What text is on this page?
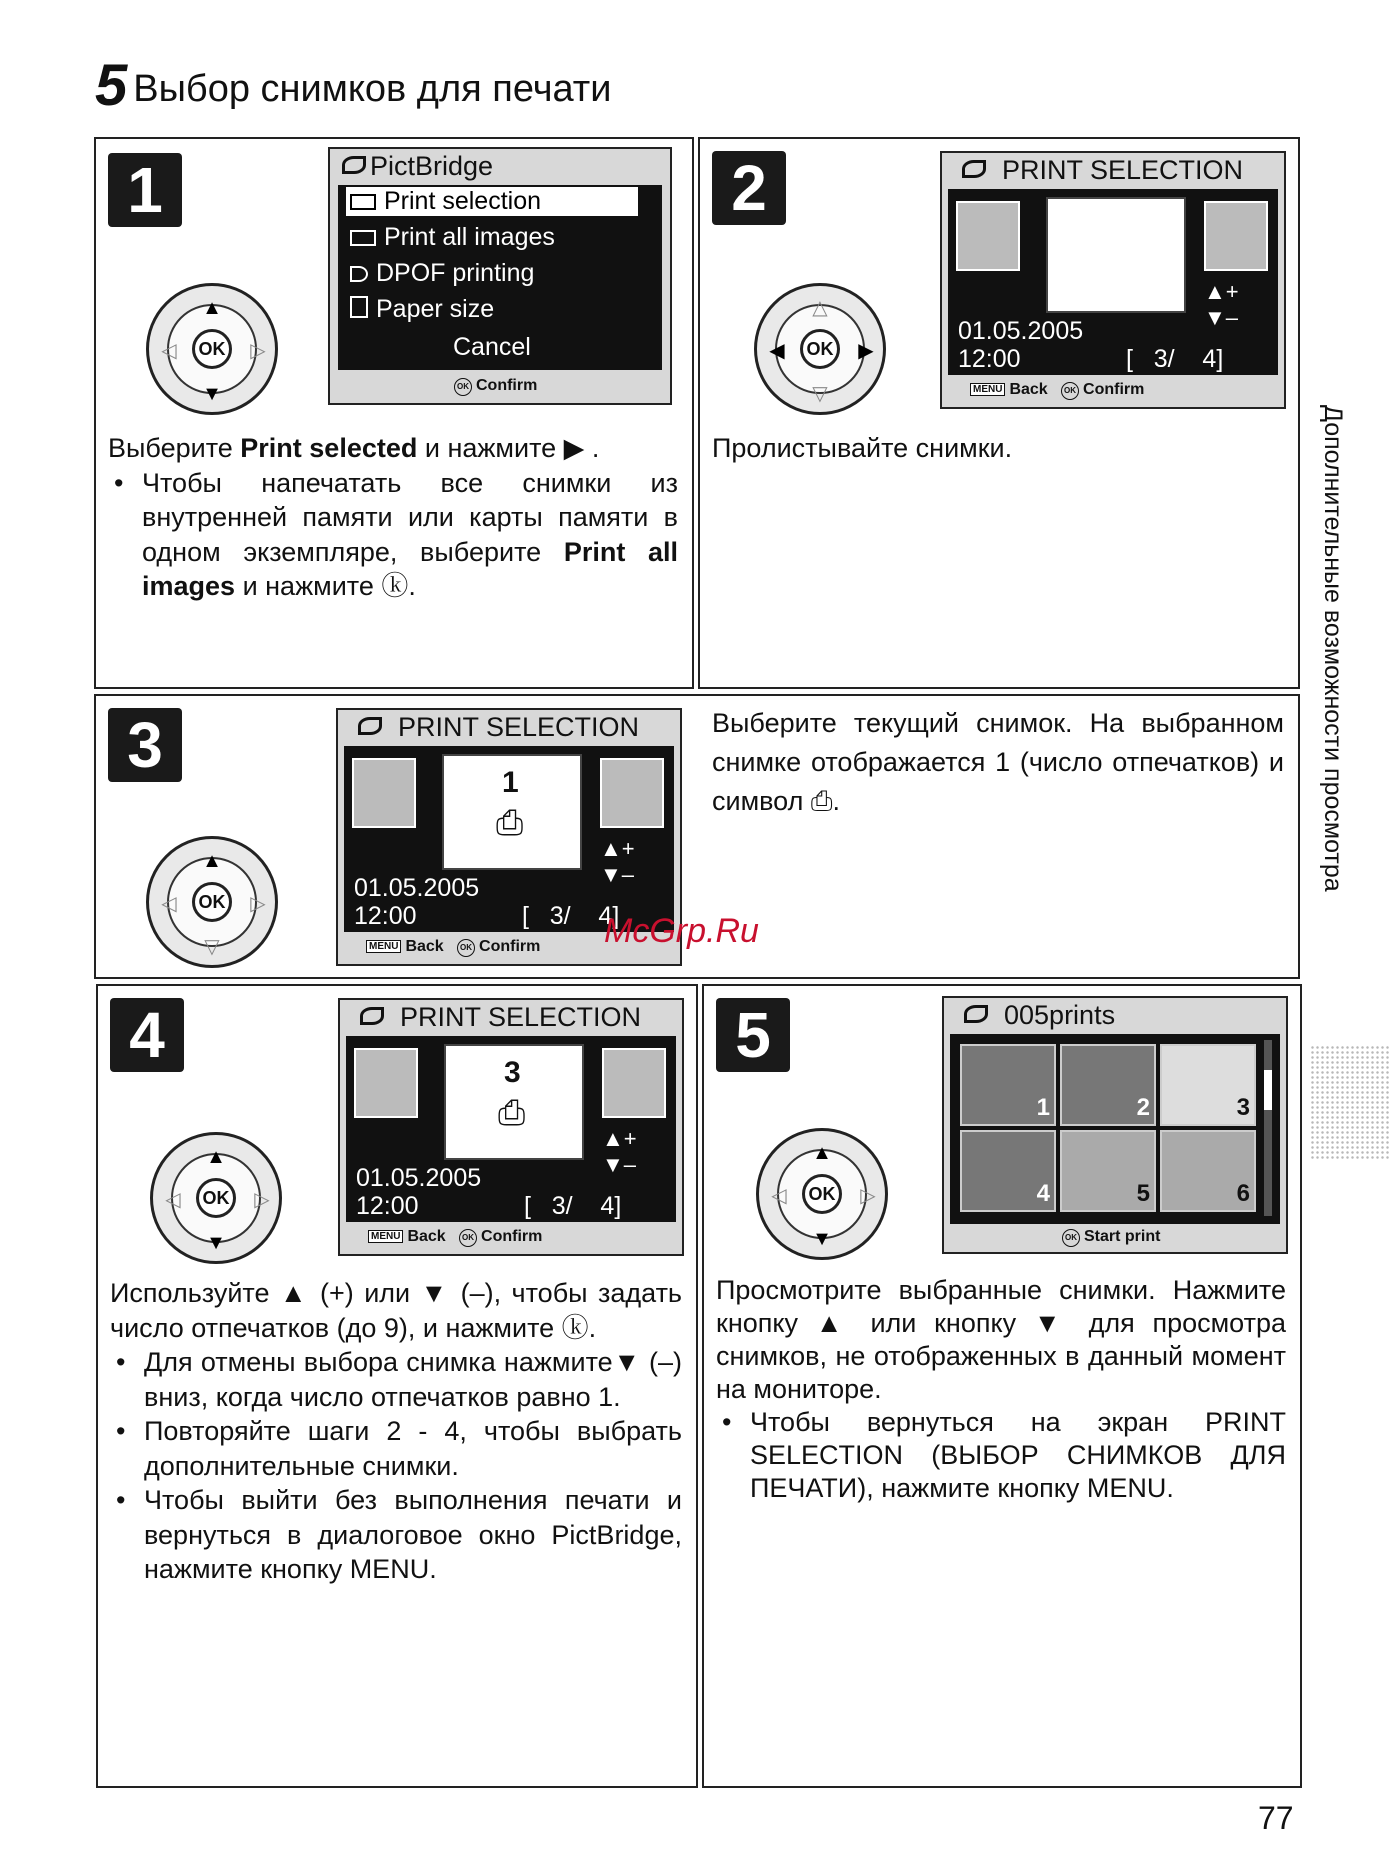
5 Выбор снимков для печати
1
▲
▼
◁	▷
OK
PictBridge
Print selection
Print all images
DPOF printing
Paper size
Cancel
OK Confirm

Выберите Print selected и нажмите ▶ .

• Чтобы напечатать все снимки из внутренней памяти или карты памяти в одном экземпляре, выберите Print all images и нажмите ⓚ.

2
△
▽
◀	▶
OK
PRINT SELECTION
▲+
▼–
01.05.2005
12:00	[   3/    4]
MENU Back OK Confirm
Пролистывайте снимки.
3
▲
▽
◁	▷
OK
PRINT SELECTION
1
⎙
▲+
▼–
01.05.2005
12:00	[   3/    4]
MENU Back OK Confirm
Выберите текущий снимок. На выбранном снимке отображается 1 (число отпечатков) и символ ⎙.
McGrp.Ru
4
▲
▼
◁	▷
OK
PRINT SELECTION
3
⎙
▲+
▼–
01.05.2005
12:00	[   3/    4]
MENU Back OK Confirm

Используйте ▲ (+) или ▼ (–), чтобы задать число отпечатков (до 9), и нажмите ⓚ.

• Для отмены выбора снимка нажмите▼ (–) вниз, когда число отпечатков равно 1.

• Повторяйте шаги 2 - 4, чтобы выбрать дополнительные снимки.

• Чтобы выйти без выполнения печати и вернуться в диалоговое окно PictBridge, нажмите кнопку MENU.

5
▲
▼
◁	▷
OK
005prints
1	2	3
4	5	6
OK Start print

Просмотрите выбранные снимки. Нажмите кнопку ▲ или кнопку ▼ для просмотра снимков, не отображенных в данный момент на мониторе.

• Чтобы вернуться на экран PRINT SELECTION (ВЫБОР СНИМКОВ ДЛЯ ПЕЧАТИ), нажмите кнопку MENU.

Дополнительные возможности просмотра
77
